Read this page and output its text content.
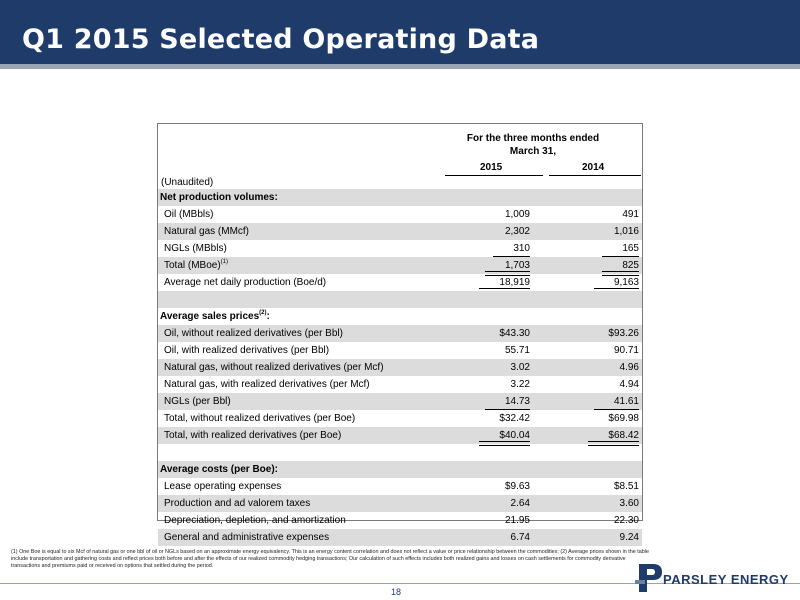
Q1 2015 Selected Operating Data
For the three months ended March 31,
2015	2014
(Unaudited)
Net production volumes:
Oil (MBbls)	1,009	491
Natural gas (MMcf)	2,302	1,016
NGLs (MBbls)	310	165
Total (MBoe)$^{(1)}$	1,703	825
Average net daily production (Boe/d)	18,919	9,163
Average sales prices$^{(2)}$:
Oil, without realized derivatives (per Bbl)	$43.30	$93.26
Oil, with realized derivatives (per Bbl)	55.71	90.71
Natural gas, without realized derivatives (per Mcf)	3.02	4.96
Natural gas, with realized derivatives (per Mcf)	3.22	4.94
NGLs (per Bbl)	14.73	41.61
Total, without realized derivatives (per Boe)	$32.42	$69.98
Total, with realized derivatives (per Boe)	$40.04	$68.42
Average costs (per Boe):
Lease operating expenses	$9.63	$8.51
Production and ad valorem taxes	2.64	3.60
Depreciation, depletion, and amortization	21.95	22.30
General and administrative expenses	6.74	9.24
(1) One Boe is equal to six Mcf of natural gas or one bbl of oil or NGLs based on an approximate energy equivalency. This is an energy content correlation and does not reflect a value or price relationship between the commodities; (2) Average prices shown in the table include transportation and gathering costs and reflect prices both before and after the effects of our realized commodity hedging transactions; Our calculation of such effects includes both realized gains and losses on cash settlements for commodity derivative transactions and premiums paid or received on options that settled during the period.
18
PARSLEY ENERGY
